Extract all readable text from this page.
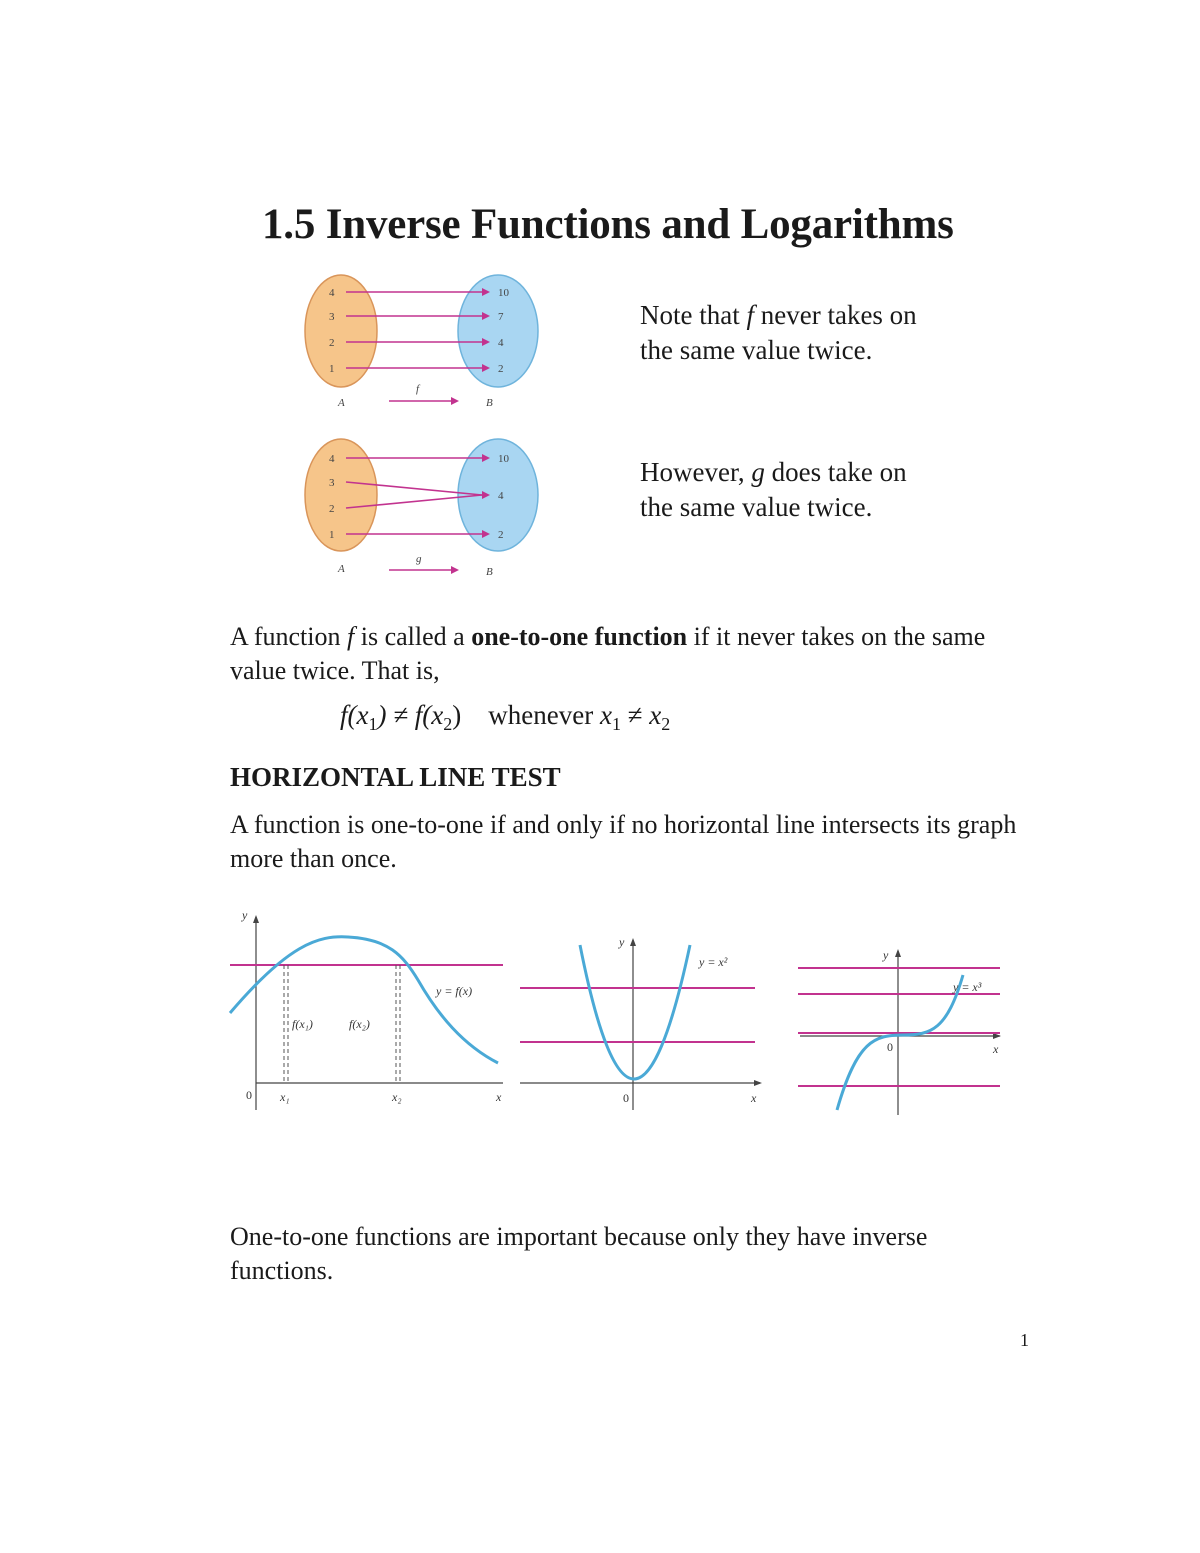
1.5 Inverse Functions and Logarithms
4
3
2
1
10
7
4
2
A	B
f
Note that f never takes on
the same value twice.
4
3
2
1
10
4
2
A	B
g
However, g does take on
the same value twice.
A function f is called a one-to-one function if it never takes on the same value twice. That is,
$f(x_1) \ne f(x_2)$ whenever $x_1 \ne x_2$
HORIZONTAL LINE TEST
A function is one-to-one if and only if no horizontal line intersects its graph more than once.
y
x
0 x₁	x₂
f(x₁)	f(x₂)
y = f(x)
y
x
0
y = x²	y
x
0
y = x³
One-to-one functions are important because only they have inverse functions.
1
